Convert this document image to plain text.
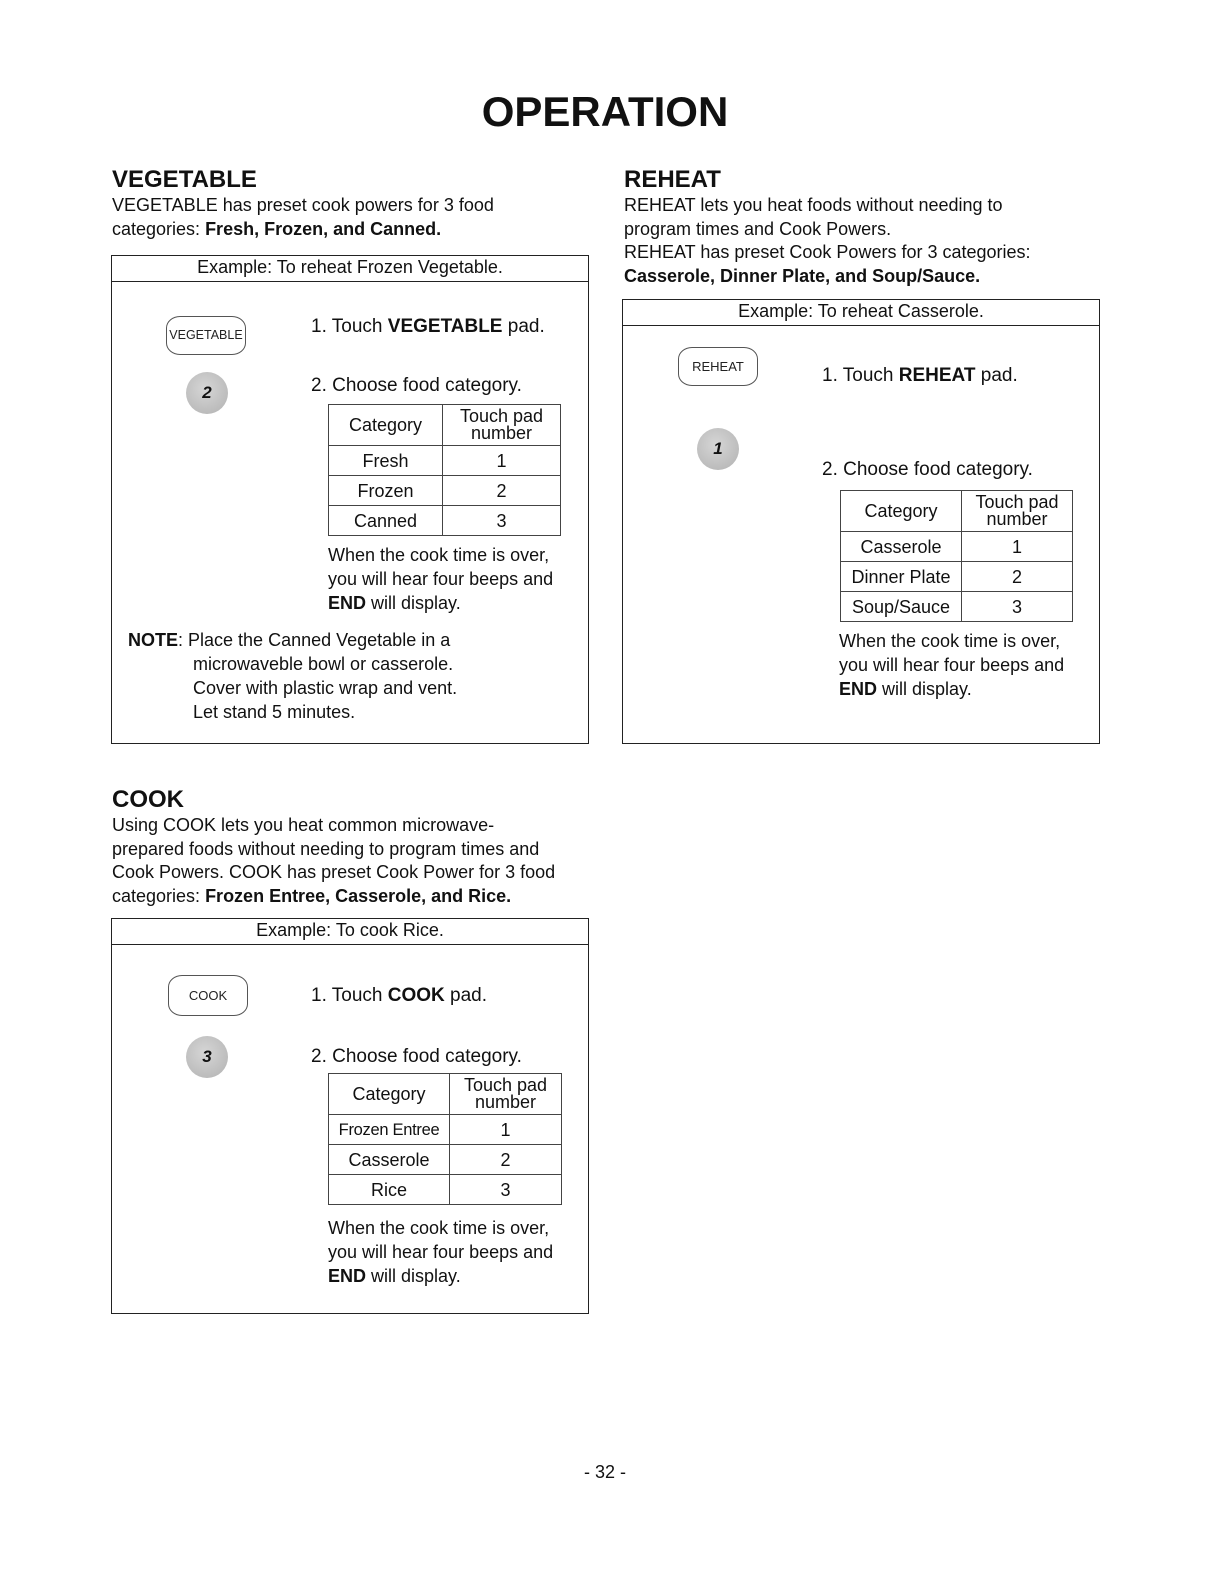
OPERATION
VEGETABLE

VEGETABLE has preset cook powers for 3 food
categories: Fresh, Frozen, and Canned.

Example: To reheat Frozen Vegetable.
VEGETABLE
2
1. Touch VEGETABLE pad.
2. Choose food category.
Category	Touch pad
number
Fresh	1
Frozen	2
Canned	3
When the cook time is over,
you will hear four beeps and
END will display.
NOTE: Place the Canned Vegetable in a
microwaveble bowl or casserole.
Cover with plastic wrap and vent.
Let stand 5 minutes.
REHEAT

REHEAT lets you heat foods without needing to
program times and Cook Powers.
REHEAT has preset Cook Powers for 3 categories:
Casserole, Dinner Plate, and Soup/Sauce.

Example: To reheat Casserole.
REHEAT
1
1. Touch REHEAT pad.
2. Choose food category.
Category	Touch pad
number
Casserole	1
Dinner Plate	2
Soup/Sauce	3
When the cook time is over,
you will hear four beeps and
END will display.
COOK

Using COOK lets you heat common microwave-
prepared foods without needing to program times and
Cook Powers. COOK has preset Cook Power for 3 food
categories: Frozen Entree, Casserole, and Rice.

Example: To cook Rice.
COOK
3
1. Touch COOK pad.
2. Choose food category.
Category	Touch pad
number
Frozen Entree	1
Casserole	2
Rice	3
When the cook time is over,
you will hear four beeps and
END will display.
- 32 -
